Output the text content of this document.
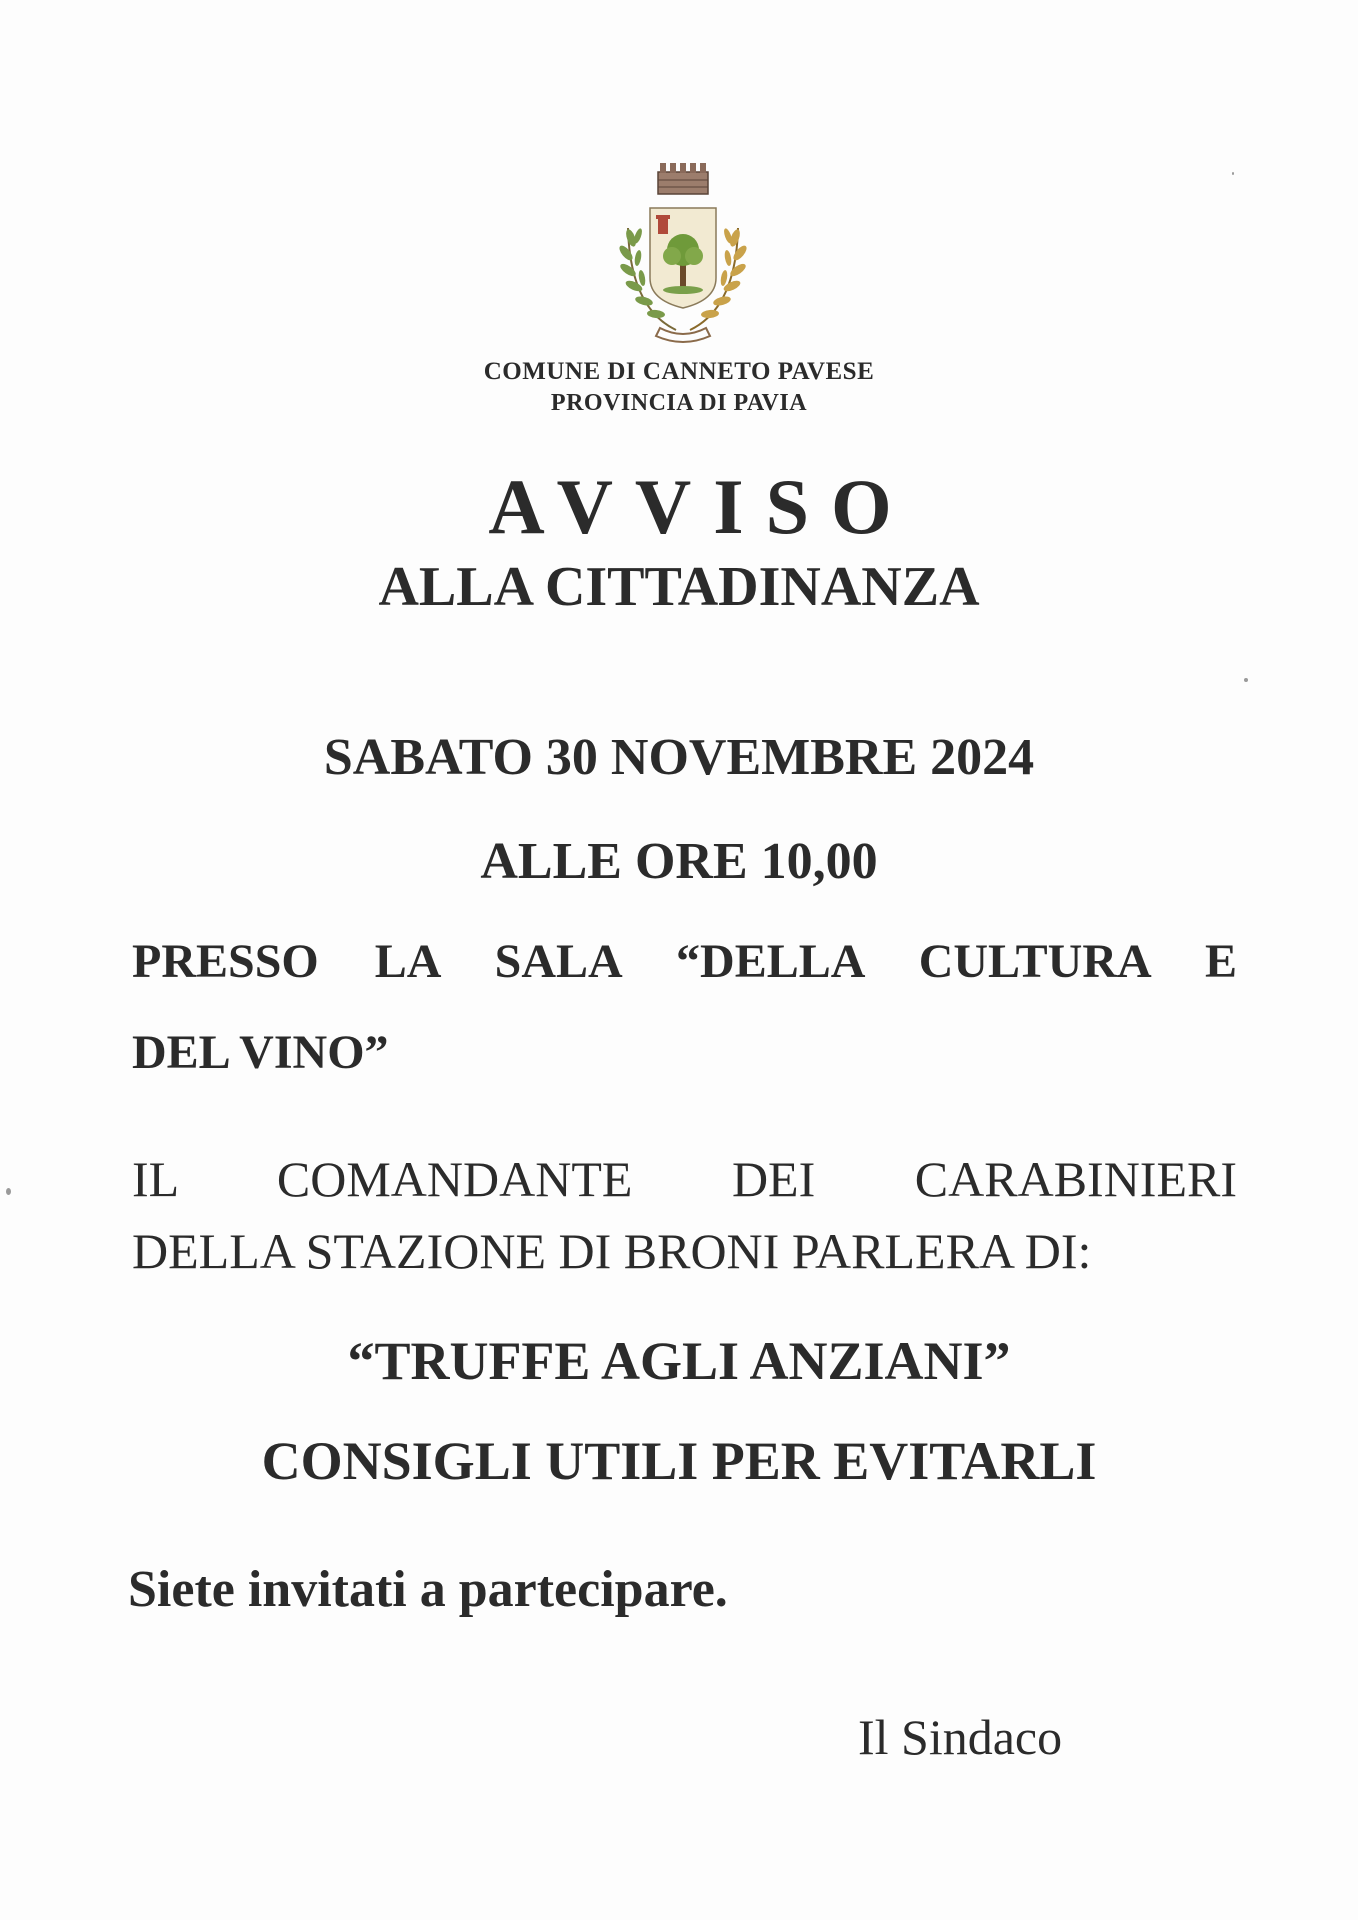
COMUNE DI CANNETO PAVESE
PROVINCIA DI PAVIA
AVVISO
ALLA CITTADINANZA
SABATO 30 NOVEMBRE 2024
ALLE ORE 10,00
PRESSO LA SALA “DELLA CULTURA E
DEL VINO”
IL COMANDANTE DEI CARABINIERI
DELLA STAZIONE DI BRONI PARLERA DI:
“TRUFFE AGLI ANZIANI”
CONSIGLI UTILI PER EVITARLI
Siete invitati a partecipare.
Il Sindaco
